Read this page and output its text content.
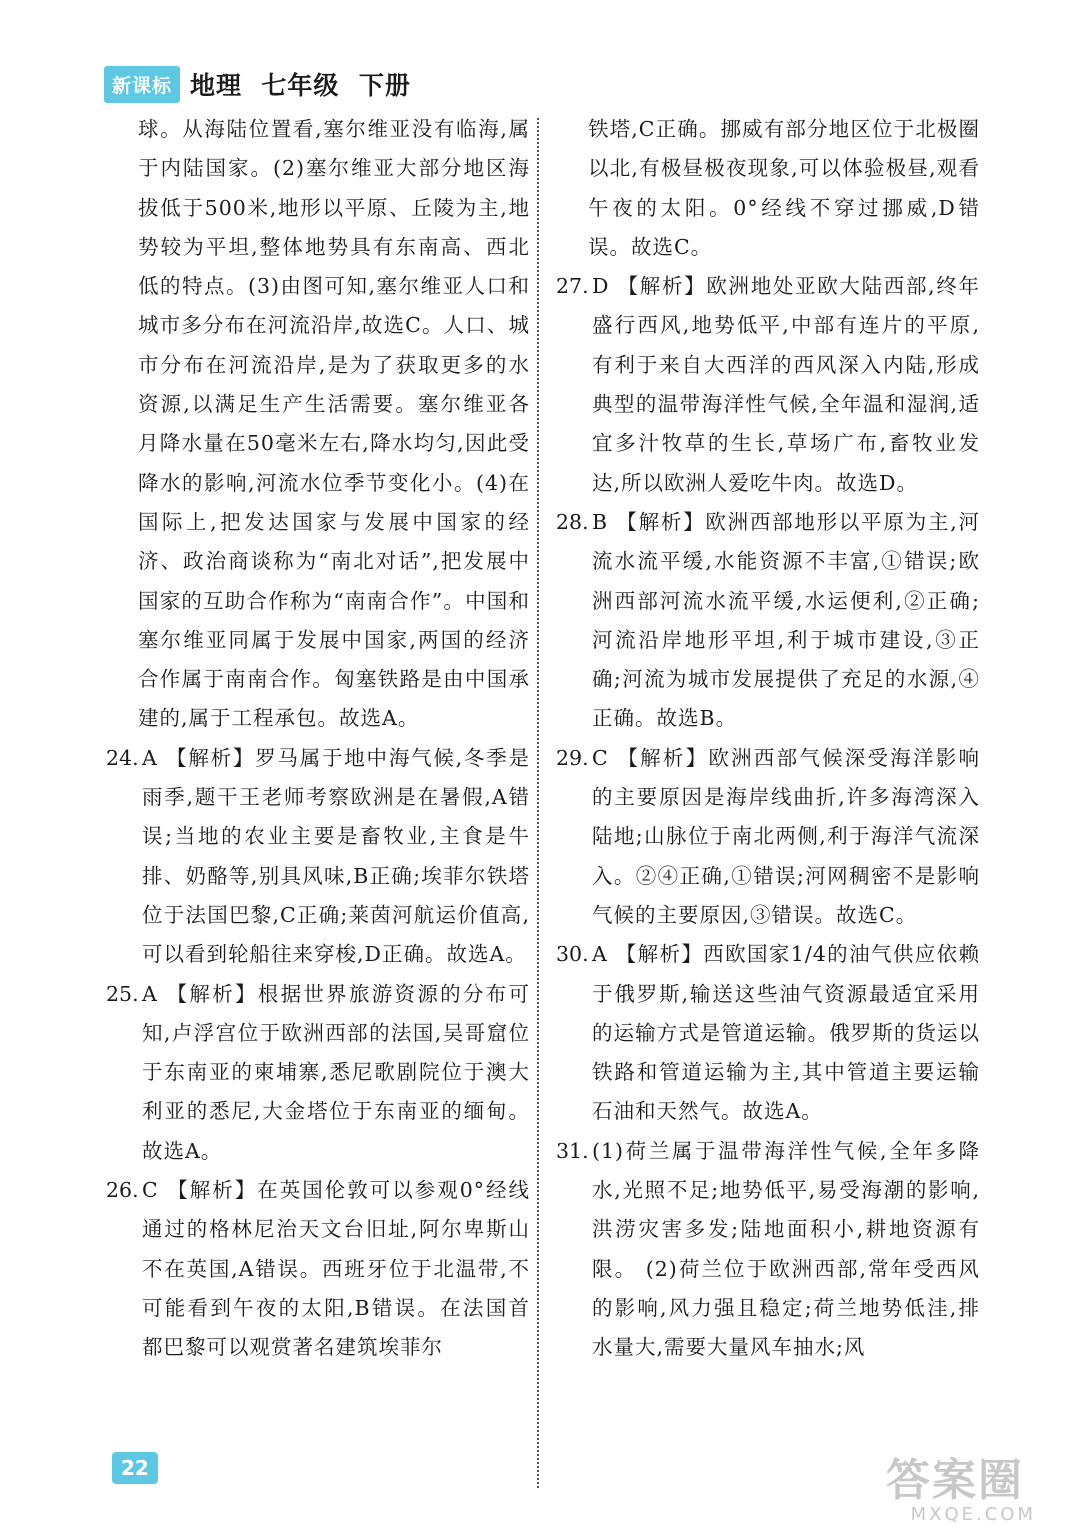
新课标 地理  七年级  下册
球。从海陆位置看,塞尔维亚没有临海,属于内陆国家。(2)塞尔维亚大部分地区海拔低于500米,地形以平原、丘陵为主,地势较为平坦,整体地势具有东南高、西北低的特点。(3)由图可知,塞尔维亚人口和城市多分布在河流沿岸,故选C。人口、城市分布在河流沿岸,是为了获取更多的水资源,以满足生产生活需要。塞尔维亚各月降水量在50毫米左右,降水均匀,因此受降水的影响,河流水位季节变化小。(4)在国际上,把发达国家与发展中国家的经济、政治商谈称为“南北对话”,把发展中国家的互助合作称为“南南合作”。中国和塞尔维亚同属于发展中国家,两国的经济合作属于南南合作。匈塞铁路是由中国承建的,属于工程承包。故选A。
24. A 【解析】罗马属于地中海气候,冬季是雨季,题干王老师考察欧洲是在暑假,A错误;当地的农业主要是畜牧业,主食是牛排、奶酪等,别具风味,B正确;埃菲尔铁塔位于法国巴黎,C正确;莱茵河航运价值高,可以看到轮船往来穿梭,D正确。故选A。
25. A 【解析】根据世界旅游资源的分布可知,卢浮宫位于欧洲西部的法国,吴哥窟位于东南亚的柬埔寨,悉尼歌剧院位于澳大利亚的悉尼,大金塔位于东南亚的缅甸。故选A。
26. C 【解析】在英国伦敦可以参观0°经线通过的格林尼治天文台旧址,阿尔卑斯山不在英国,A错误。西班牙位于北温带,不可能看到午夜的太阳,B错误。在法国首都巴黎可以观赏著名建筑埃菲尔
铁塔,C正确。挪威有部分地区位于北极圈以北,有极昼极夜现象,可以体验极昼,观看午夜的太阳。0°经线不穿过挪威,D错误。故选C。
27. D 【解析】欧洲地处亚欧大陆西部,终年盛行西风,地势低平,中部有连片的平原,有利于来自大西洋的西风深入内陆,形成典型的温带海洋性气候,全年温和湿润,适宜多汁牧草的生长,草场广布,畜牧业发达,所以欧洲人爱吃牛肉。故选D。
28. B 【解析】欧洲西部地形以平原为主,河流水流平缓,水能资源不丰富,①错误;欧洲西部河流水流平缓,水运便利,②正确;河流沿岸地形平坦,利于城市建设,③正确;河流为城市发展提供了充足的水源,④正确。故选B。
29. C 【解析】欧洲西部气候深受海洋影响的主要原因是海岸线曲折,许多海湾深入陆地;山脉位于南北两侧,利于海洋气流深入。②④正确,①错误;河网稠密不是影响气候的主要原因,③错误。故选C。
30. A 【解析】西欧国家1/4的油气供应依赖于俄罗斯,输送这些油气资源最适宜采用的运输方式是管道运输。俄罗斯的货运以铁路和管道运输为主,其中管道主要运输石油和天然气。故选A。
31. (1)荷兰属于温带海洋性气候,全年多降水,光照不足;地势低平,易受海潮的影响,洪涝灾害多发;陆地面积小,耕地资源有限。 (2)荷兰位于欧洲西部,常年受西风的影响,风力强且稳定;荷兰地势低洼,排水量大,需要大量风车抽水;风
22	答案圈
MXQE.COM
